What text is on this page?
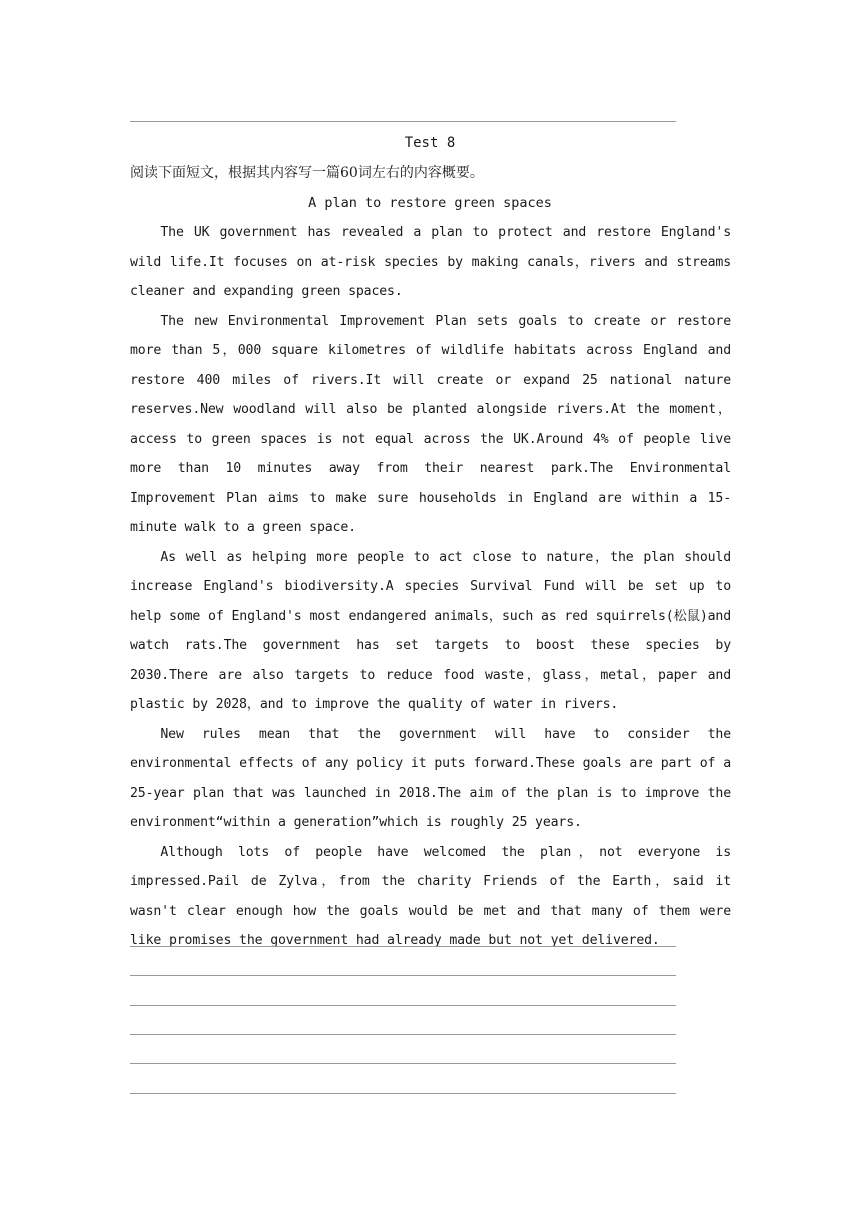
Test 8
阅读下面短文，根据其内容写一篇60词左右的内容概要。
A plan to restore green spaces

The UK government has revealed a plan to protect and restore England's wild life.It focuses on at-risk species by making canals，rivers and streams cleaner and expanding green spaces.

The new Environmental Improvement Plan sets goals to create or restore more than 5，000 square kilometres of wildlife habitats across England and restore 400 miles of rivers.It will create or expand 25 national nature reserves.New woodland will also be planted alongside rivers.At the moment，access to green spaces is not equal across the UK.Around 4% of people live more than 10 minutes away from their nearest park.The Environmental Improvement Plan aims to make sure households in England are within a 15-minute walk to a green space.

As well as helping more people to act close to nature，the plan should increase England's biodiversity.A species Survival Fund will be set up to help some of England's most endangered animals，such as red squirrels(松鼠)and watch rats.The government has set targets to boost these species by 2030.There are also targets to reduce food waste，glass，metal，paper and plastic by 2028，and to improve the quality of water in rivers.

New rules mean that the government will have to consider the environmental effects of any policy it puts forward.These goals are part of a 25-year plan that was launched in 2018.The aim of the plan is to improve the environment“within a generation”which is roughly 25 years.

Although lots of people have welcomed the plan，not everyone is impressed.Pail de Zylva，from the charity Friends of the Earth，said it wasn't clear enough how the goals would be met and that many of them were like promises the government had already made but not yet delivered.
